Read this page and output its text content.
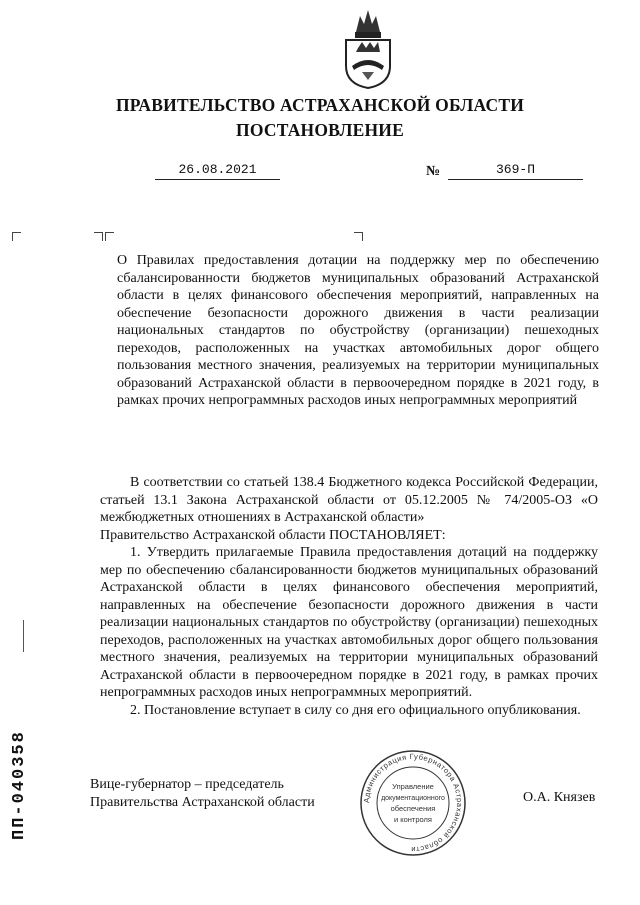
ПРАВИТЕЛЬСТВО АСТРАХАНСКОЙ ОБЛАСТИ
ПОСТАНОВЛЕНИЕ
26.08.2021	№	369-П
О Правилах предоставления дотации на поддержку мер по обеспечению сбалансированности бюджетов муниципальных образований Астраханской области в целях финансового обеспечения мероприятий, направленных на обеспечение безопасности дорожного движения в части реализации национальных стандартов по обустройству (организации) пешеходных переходов, расположенных на участках автомобильных дорог общего пользования местного значения, реализуемых на территории муниципальных образований Астраханской области в первоочередном порядке в 2021 году, в рамках прочих непрограммных расходов иных непрограммных мероприятий

В соответствии со статьей 138.4 Бюджетного кодекса Российской Федерации, статьей 13.1 Закона Астраханской области от 05.12.2005 № 74/2005-ОЗ «О межбюджетных отношениях в Астраханской области»

Правительство Астраханской области ПОСТАНОВЛЯЕТ:

1. Утвердить прилагаемые Правила предоставления дотаций на поддержку мер по обеспечению сбалансированности бюджетов муниципальных образований Астраханской области в целях финансового обеспечения мероприятий, направленных на обеспечение безопасности дорожного движения в части реализации национальных стандартов по обустройству (организации) пешеходных переходов, расположенных на участках автомобильных дорог общего пользования местного значения, реализуемых на территории муниципальных образований Астраханской области в первоочередном порядке в 2021 году, в рамках прочих непрограммных расходов иных непрограммных мероприятий.

2. Постановление вступает в силу со дня его официального опубликования.

Вице-губернатор – председатель
Правительства Астраханской области	Администрация Губернатора Астраханской области
Управление
документационного
обеспечения
и контроля
О.А. Князев
ПП-040358
